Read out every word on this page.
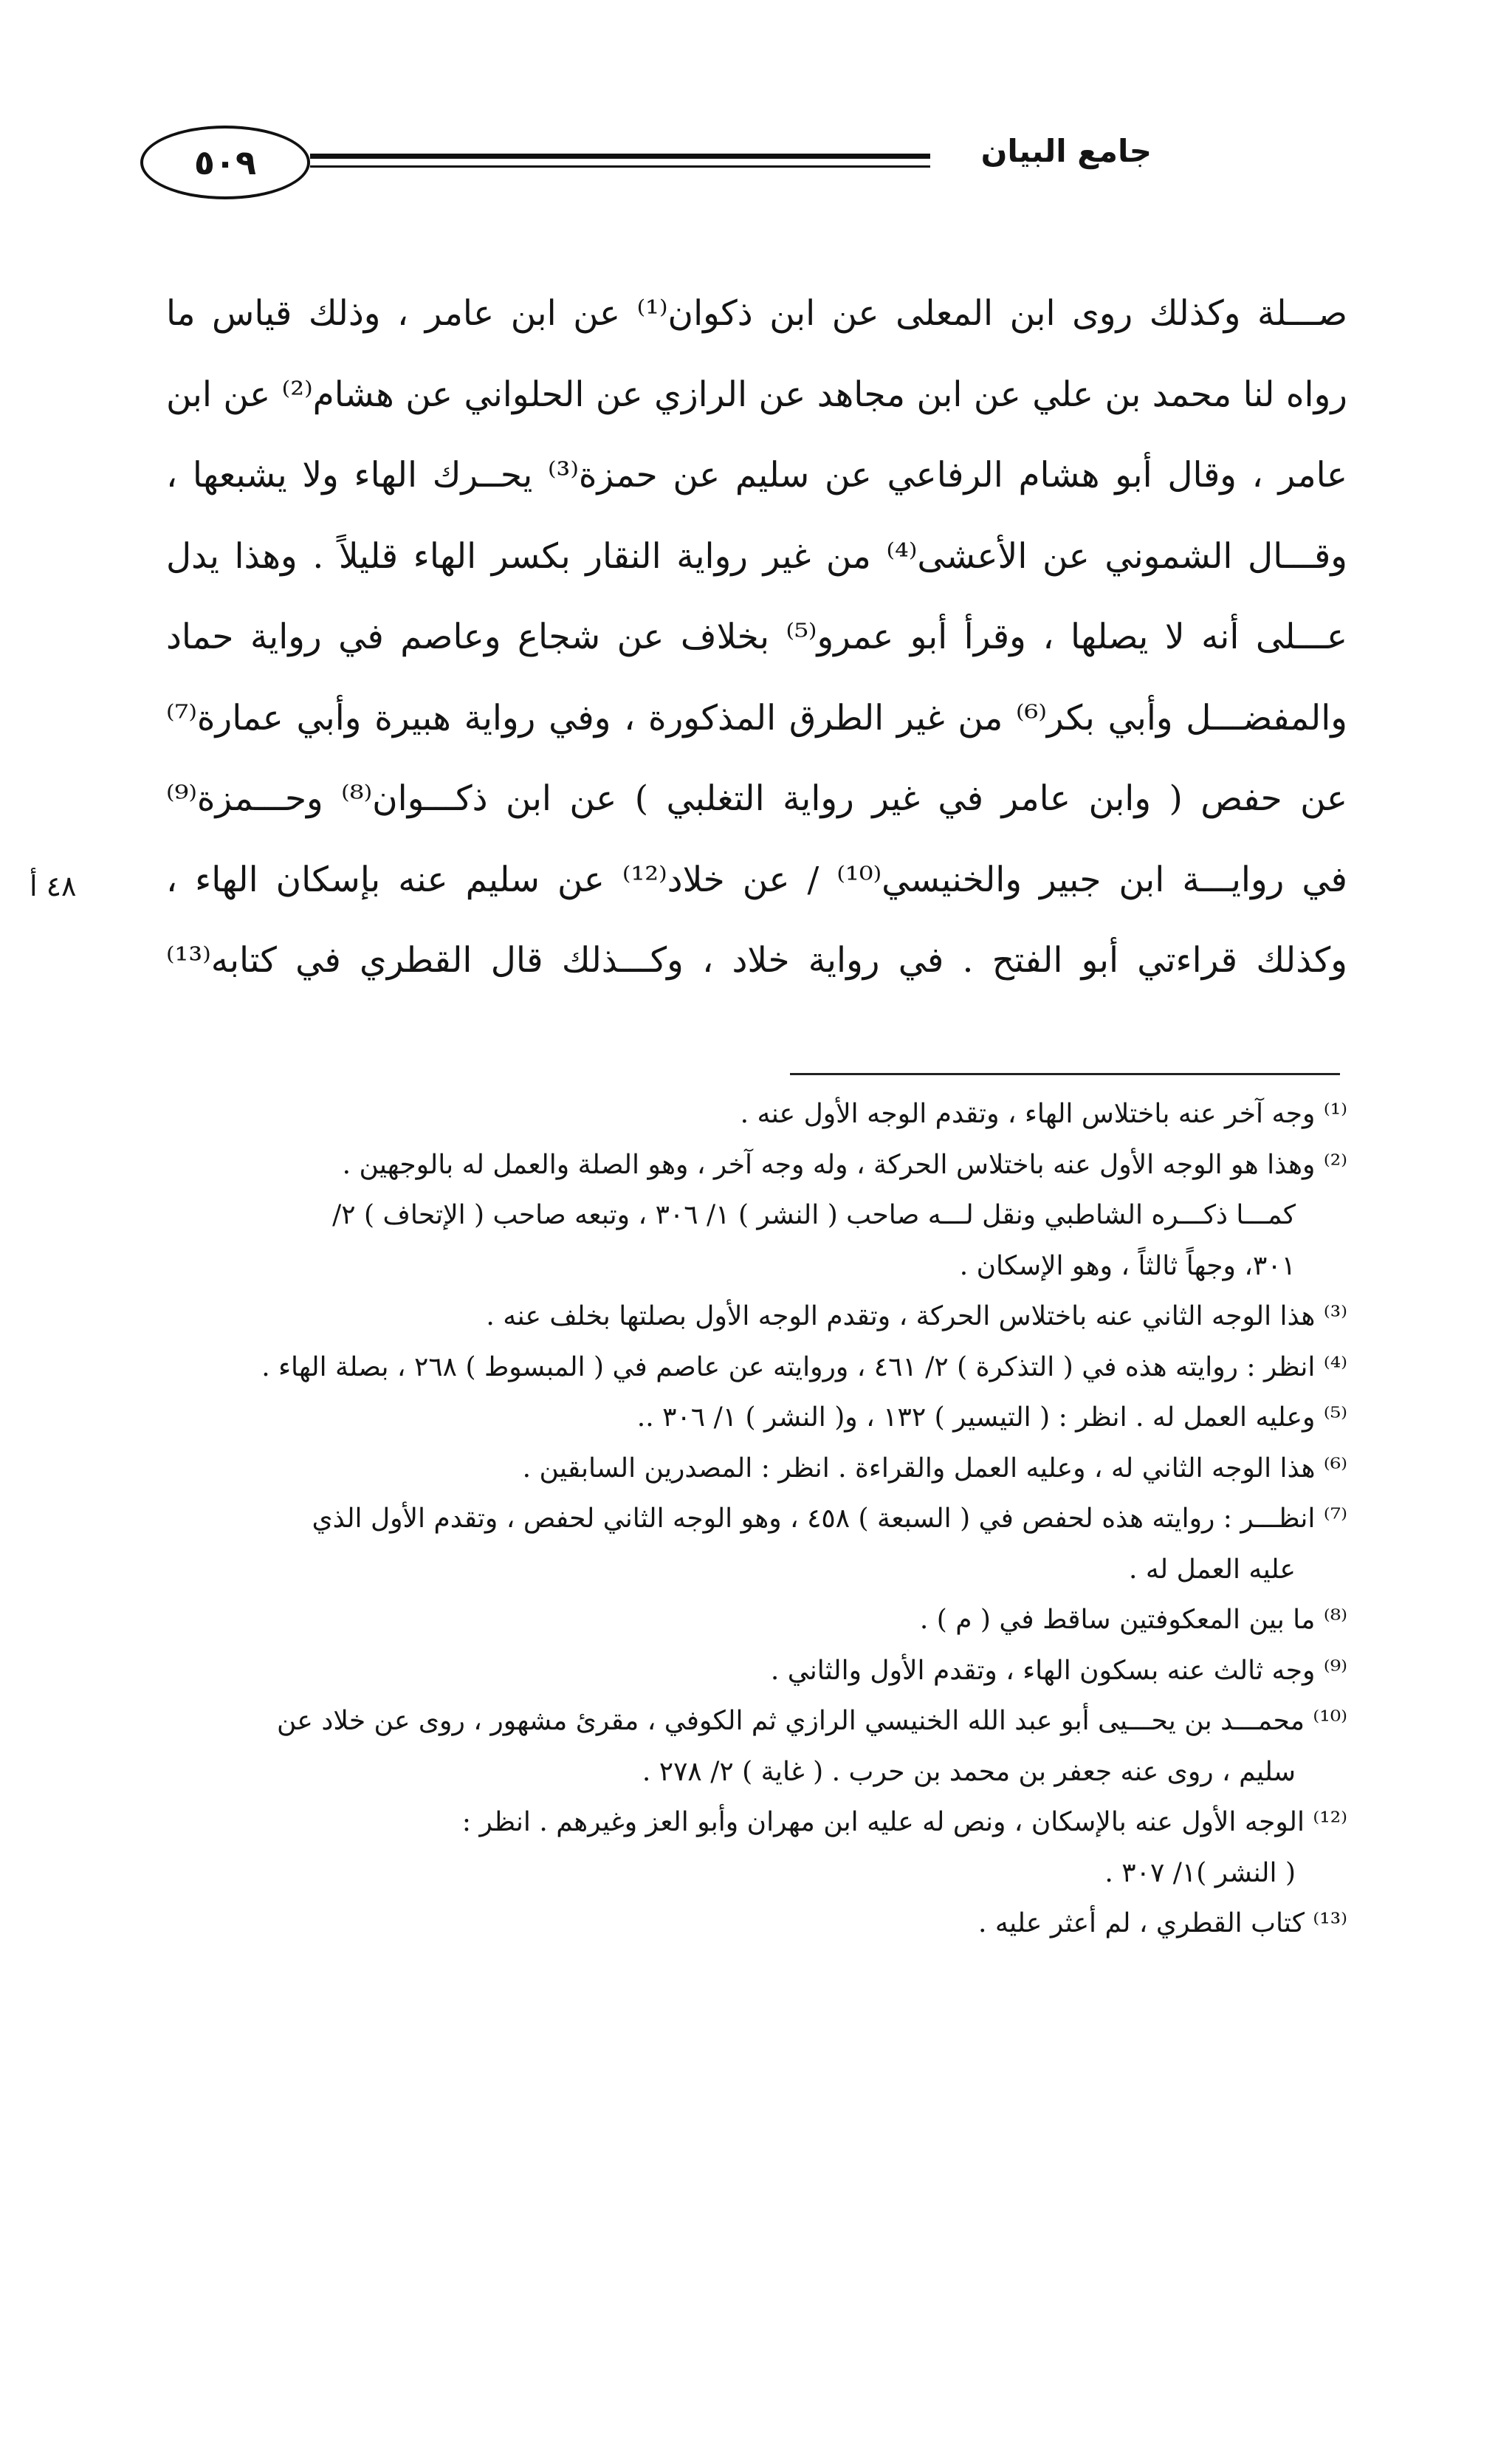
٥٠٩	جامع البيان
٤٨ أ
صـــلة وكذلك روى ابن المعلى عن ابن ذكوان⁽¹⁾ عن ابن عامر ، وذلك قياس ما
رواه لنا محمد بن علي عن ابن مجاهد عن الرازي عن الحلواني عن هشام⁽²⁾ عن ابن
عامر ، وقال أبو هشام الرفاعي عن سليم عن حمزة⁽³⁾ يحــرك الهاء ولا يشبعها ،
وقـــال الشموني عن الأعشى⁽⁴⁾ من غير رواية النقار بكسر الهاء قليلاً . وهذا يدل
عـــلى أنه لا يصلها ، وقرأ أبو عمرو⁽⁵⁾ بخلاف عن شجاع وعاصم في رواية حماد
والمفضـــل وأبي بكر⁽⁶⁾ من غير الطرق المذكورة ، وفي رواية هبيرة وأبي عمارة⁽⁷⁾
عن حفص ( وابن عامر في غير رواية التغلبي ) عن ابن ذكـــوان⁽⁸⁾ وحـــمزة⁽⁹⁾
في روايـــة ابن جبير والخنيسي⁽¹⁰⁾ / عن خلاد⁽¹²⁾ عن سليم عنه بإسكان الهاء ،
وكذلك قراءتي أبو الفتح . في رواية خلاد ، وكـــذلك قال القطري في كتابه⁽¹³⁾
⁽¹⁾ وجه آخر عنه باختلاس الهاء ، وتقدم الوجه الأول عنه .
⁽²⁾ وهذا هو الوجه الأول عنه باختلاس الحركة ، وله وجه آخر ، وهو الصلة والعمل له بالوجهين .
كمـــا ذكـــره الشاطبي ونقل لـــه صاحب ( النشر ) ١/ ٣٠٦ ، وتبعه صاحب ( الإتحاف ) ٢/
٣٠١، وجهاً ثالثاً ، وهو الإسكان .
⁽³⁾ هذا الوجه الثاني عنه باختلاس الحركة ، وتقدم الوجه الأول بصلتها بخلف عنه .
⁽⁴⁾ انظر : روايته هذه في ( التذكرة ) ٢/ ٤٦١ ، وروايته عن عاصم في ( المبسوط ) ٢٦٨ ، بصلة الهاء .
⁽⁵⁾ وعليه العمل له . انظر : ( التيسير ) ١٣٢ ، و( النشر ) ١/ ٣٠٦ ..
⁽⁶⁾ هذا الوجه الثاني له ، وعليه العمل والقراءة . انظر : المصدرين السابقين .
⁽⁷⁾ انظـــر : روايته هذه لحفص في ( السبعة ) ٤٥٨ ، وهو الوجه الثاني لحفص ، وتقدم الأول الذي
عليه العمل له .
⁽⁸⁾ ما بين المعكوفتين ساقط في ( م ) .
⁽⁹⁾ وجه ثالث عنه بسكون الهاء ، وتقدم الأول والثاني .
⁽¹⁰⁾ محمـــد بن يحـــيى أبو عبد الله الخنيسي الرازي ثم الكوفي ، مقرئ مشهور ، روى عن خلاد عن
سليم ، روى عنه جعفر بن محمد بن حرب . ( غاية ) ٢/ ٢٧٨ .
⁽¹²⁾ الوجه الأول عنه بالإسكان ، ونص له عليه ابن مهران وأبو العز وغيرهم . انظر :
( النشر )١/ ٣٠٧ .
⁽¹³⁾ كتاب القطري ، لم أعثر عليه .
